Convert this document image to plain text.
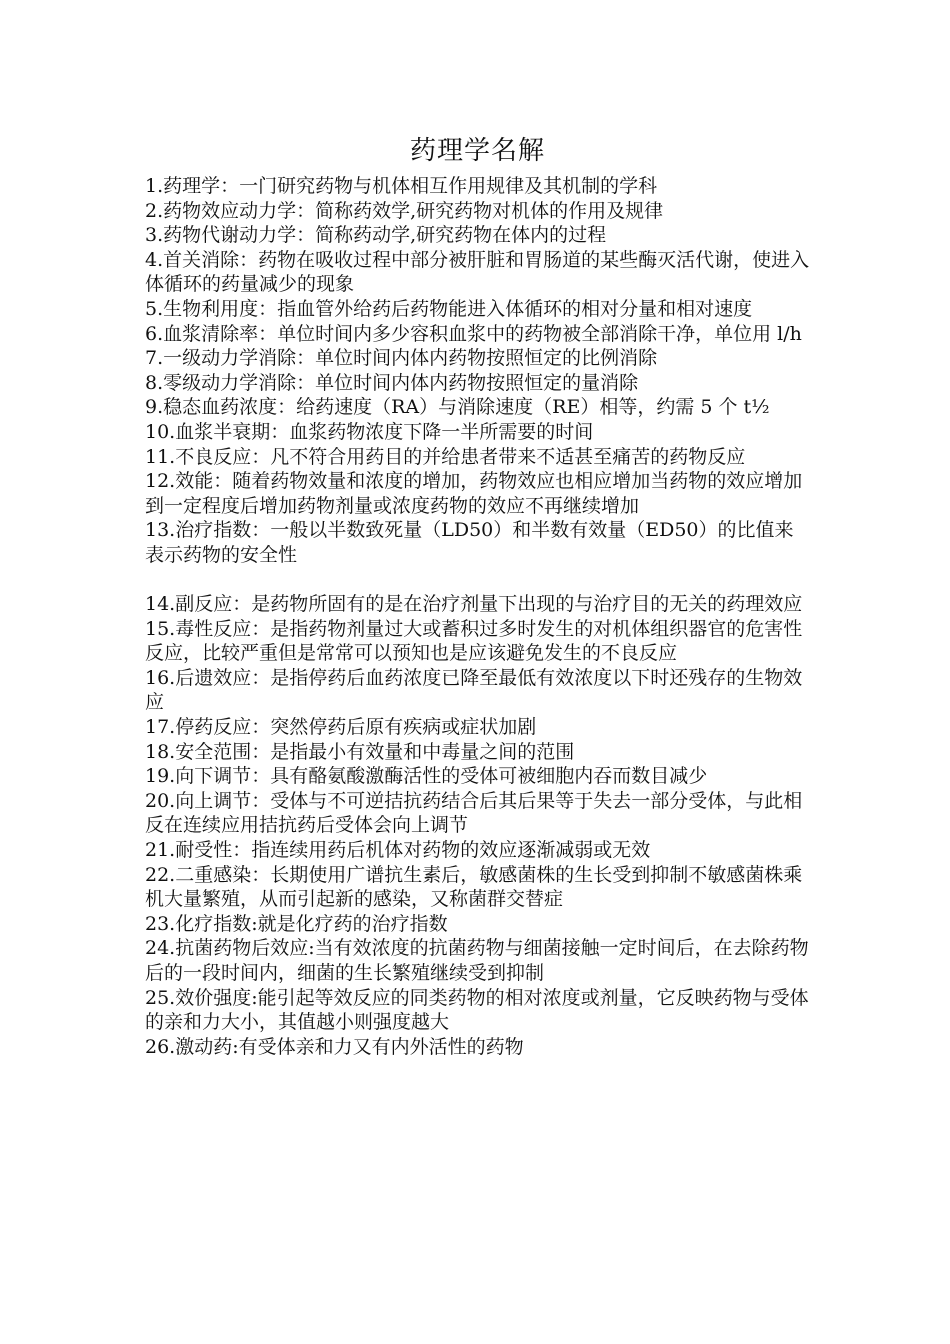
药理学名解

1.药理学：一门研究药物与机体相互作用规律及其机制的学科

2.药物效应动力学：简称药效学,研究药物对机体的作用及规律

3.药物代谢动力学：简称药动学,研究药物在体内的过程

4.首关消除：药物在吸收过程中部分被肝脏和胃肠道的某些酶灭活代谢，使进入体循环的药量减少的现象

5.生物利用度：指血管外给药后药物能进入体循环的相对分量和相对速度

6.血浆清除率：单位时间内多少容积血浆中的药物被全部消除干净，单位用 l/h

7.一级动力学消除：单位时间内体内药物按照恒定的比例消除

8.零级动力学消除：单位时间内体内药物按照恒定的量消除

9.稳态血药浓度：给药速度（RA）与消除速度（RE）相等，约需 5 个 t½

10.血浆半衰期：血浆药物浓度下降一半所需要的时间

11.不良反应：凡不符合用药目的并给患者带来不适甚至痛苦的药物反应

12.效能：随着药物效量和浓度的增加，药物效应也相应增加当药物的效应增加到一定程度后增加药物剂量或浓度药物的效应不再继续增加

13.治疗指数：一般以半数致死量（LD50）和半数有效量（ED50）的比值来表示药物的安全性

14.副反应：是药物所固有的是在治疗剂量下出现的与治疗目的无关的药理效应

15.毒性反应：是指药物剂量过大或蓄积过多时发生的对机体组织器官的危害性反应，比较严重但是常常可以预知也是应该避免发生的不良反应

16.后遗效应：是指停药后血药浓度已降至最低有效浓度以下时还残存的生物效应

17.停药反应：突然停药后原有疾病或症状加剧

18.安全范围：是指最小有效量和中毒量之间的范围

19.向下调节：具有酪氨酸激酶活性的受体可被细胞内吞而数目减少

20.向上调节：受体与不可逆拮抗药结合后其后果等于失去一部分受体，与此相反在连续应用拮抗药后受体会向上调节

21.耐受性：指连续用药后机体对药物的效应逐渐减弱或无效

22.二重感染：长期使用广谱抗生素后，敏感菌株的生长受到抑制不敏感菌株乘机大量繁殖，从而引起新的感染，又称菌群交替症

23.化疗指数:就是化疗药的治疗指数

24.抗菌药物后效应:当有效浓度的抗菌药物与细菌接触一定时间后，在去除药物后的一段时间内，细菌的生长繁殖继续受到抑制

25.效价强度:能引起等效反应的同类药物的相对浓度或剂量，它反映药物与受体的亲和力大小，其值越小则强度越大

26.激动药:有受体亲和力又有内外活性的药物
